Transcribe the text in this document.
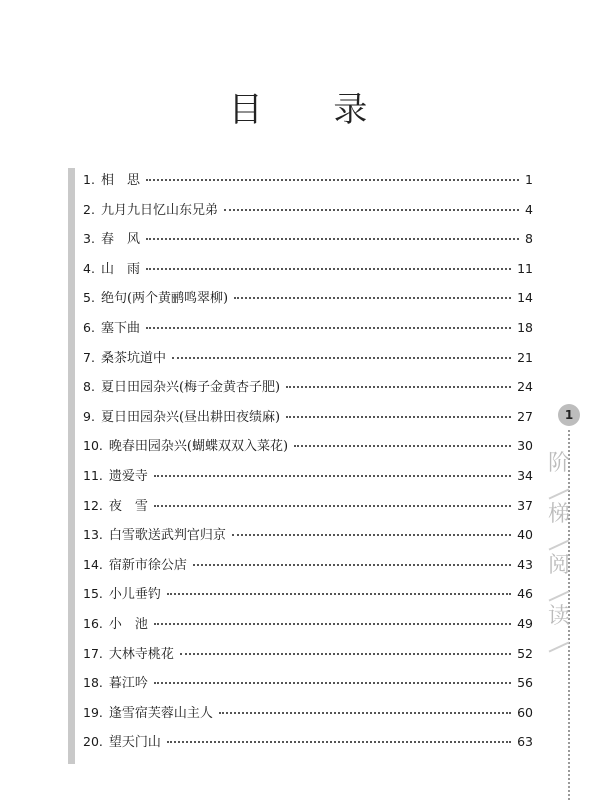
目 录
1. 相　思	1
2. 九月九日忆山东兄弟	4
3. 春　风	8
4. 山　雨	11
5. 绝句(两个黄鹂鸣翠柳)	14
6. 塞下曲	18
7. 桑茶坑道中	21
8. 夏日田园杂兴(梅子金黄杏子肥)	24
9. 夏日田园杂兴(昼出耕田夜绩麻)	27
10. 晚春田园杂兴(蝴蝶双双入菜花)	30
11. 遗爱寺	34
12. 夜　雪	37
13. 白雪歌送武判官归京	40
14. 宿新市徐公店	43
15. 小儿垂钓	46
16. 小　池	49
17. 大林寺桃花	52
18. 暮江吟	56
19. 逢雪宿芙蓉山主人	60
20. 望天门山	63
1
阶
梯
阅
读
